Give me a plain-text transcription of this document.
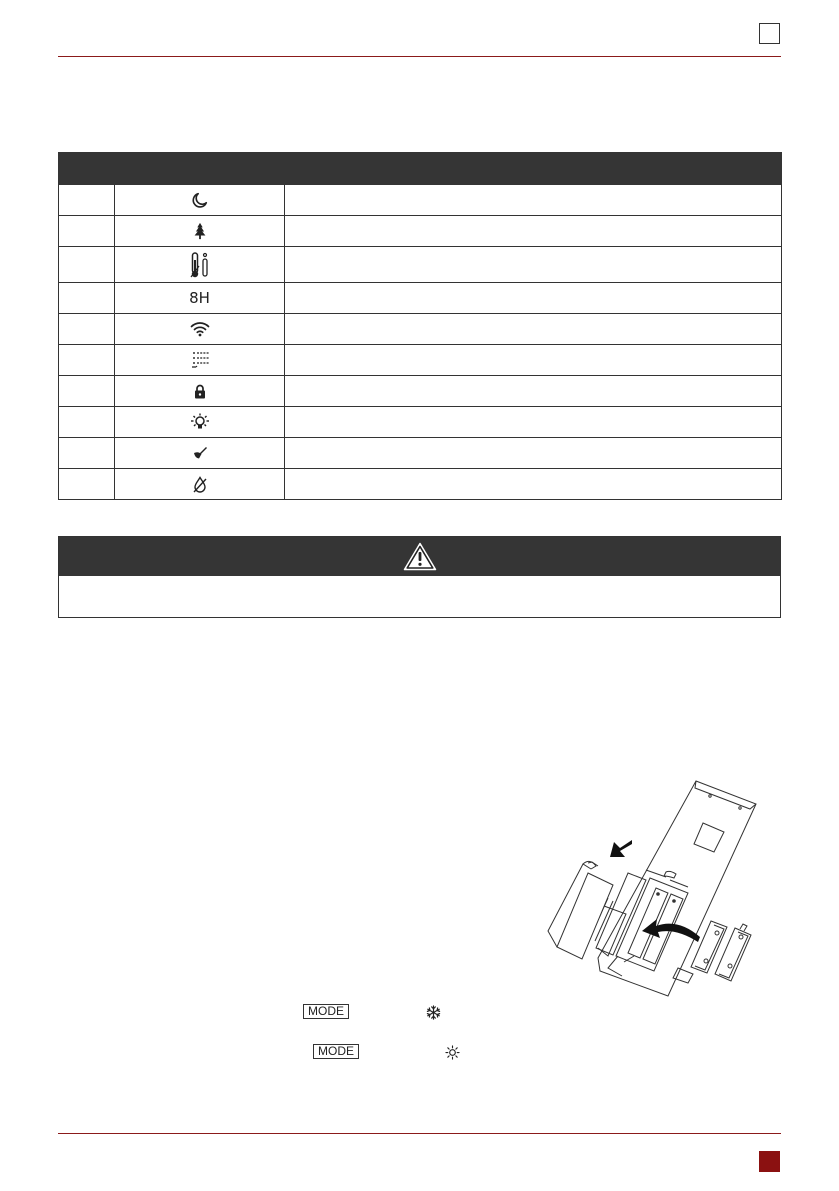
	8H	

MODE
MODE
